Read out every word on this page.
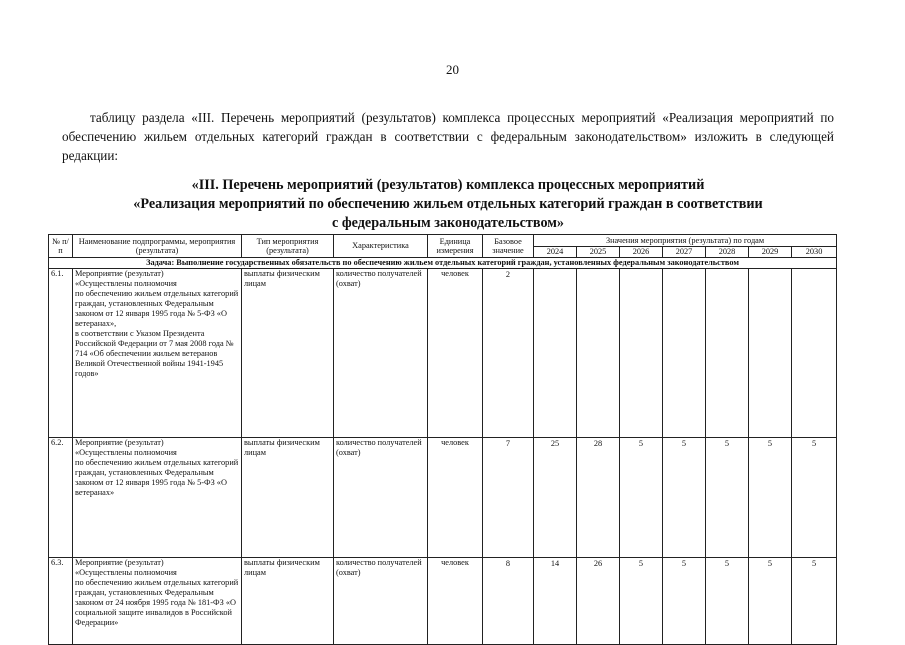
20
таблицу раздела «III. Перечень мероприятий (результатов) комплекса процессных мероприятий «Реализация мероприятий по обеспечению жильем отдельных категорий граждан в соответствии с федеральным законодательством» изложить в следующей редакции:
«III. Перечень мероприятий (результатов) комплекса процессных мероприятий
«Реализация мероприятий по обеспечению жильем отдельных категорий граждан в соответствии
с федеральным законодательством»
№ п/п	Наименование подпрограммы, мероприятия (результата)	Тип мероприятия (результата)	Характеристика	Единица измерения	Базовое значение	Значения мероприятия (результата) по годам						
						2024	2025	2026	2027	2028	2029	2030
Задача: Выполнение государственных обязательств по обеспечению жильем отдельных категорий граждан, установленных федеральным законодательством												
6.1.	Мероприятие (результат)
«Осуществлены полномочия
по обеспечению жильем отдельных категорий граждан, установленных Федеральным законом от 12 января 1995 года № 5-ФЗ «О ветеранах»,
в соответствии с Указом Президента Российской Федерации от 7 мая 2008 года № 714 «Об обеспечении жильем ветеранов Великой Отечественной войны 1941-1945 годов»	выплаты физическим лицам	количество получателей (охват)	человек	2							
6.2.	Мероприятие (результат)
«Осуществлены полномочия
по обеспечению жильем отдельных категорий граждан, установленных Федеральным законом от 12 января 1995 года № 5-ФЗ «О ветеранах»	выплаты физическим лицам	количество получателей (охват)	человек	7	25	28	5	5	5	5	5
6.3.	Мероприятие (результат)
«Осуществлены полномочия
по обеспечению жильем отдельных категорий граждан, установленных Федеральным законом от 24 ноября 1995 года № 181-ФЗ «О социальной защите инвалидов в Российской Федерации»	выплаты физическим лицам	количество получателей (охват)	человек	8	14	26	5	5	5	5	5
